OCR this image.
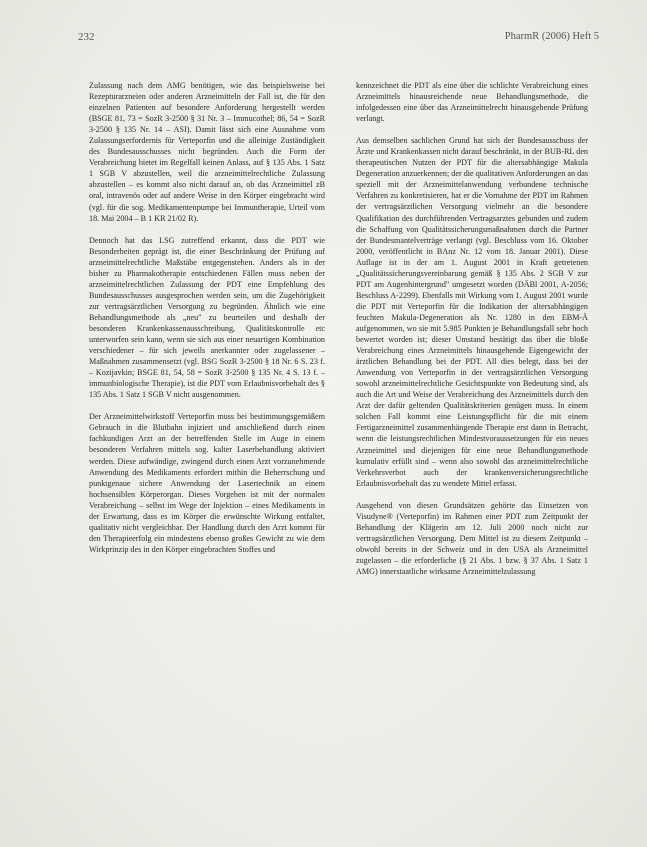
232	PharmR (2006) Heft 5

Zulassung nach dem AMG benötigen, wie das beispielsweise bei Rezepturarzneien oder anderen Arzneimitteln der Fall ist, die für den einzelnen Patienten auf besondere Anforderung hergestellt werden (BSGE 81, 73 = SozR 3-2500 § 31 Nr. 3 – Immucothel; 86, 54 = SozR 3-2500 § 135 Nr. 14 – ASI). Damit lässt sich eine Ausnahme vom Zulassungserfordernis für Verteporfin und die alleinige Zuständigkeit des Bundesausschusses nicht begründen. Auch die Form der Verabreichung bietet im Regelfall keinen Anlass, auf § 135 Abs. 1 Satz 1 SGB V abzustellen, weil die arzneimittelrechtliche Zulassung abzustellen – es kommt also nicht darauf an, ob das Arzneimittel zB oral, intravenös oder auf andere Weise in den Körper eingebracht wird (vgl. für die sog. Medikamentenpumpe bei Immuntherapie, Urteil vom 18. Mai 2004 – B 1 KR 21/02 R).

Dennoch hat das LSG zutreffend erkannt, dass die PDT wie Besonderheiten geprägt ist, die einer Beschränkung der Prüfung auf arzneimittelrechtliche Maßstäbe entgegenstehen. Anders als in der bisher zu Pharmakotherapie entschiedenen Fällen muss neben der arzneimittelrechtlichen Zulassung der PDT eine Empfehlung des Bundesausschusses ausgesprochen werden sein, um die Zugehörigkeit zur vertragsärztlichen Versorgung zu begründen. Ähnlich wie eine Behandlungsmethode als „neu" zu beurteilen und deshalb der besonderen Krankenkassenausschreibung, Qualitätskontrolle etc unterworfen sein kann, wenn sie sich aus einer neuartigen Kombination verschiedener – für sich jeweils anerkannter oder zugelassener – Maßnahmen zusammensetzt (vgl. BSG SozR 3-2500 § 18 Nr. 6 S. 23 f. – Kozijavkin; BSGE 81, 54, 58 = SozR 3-2500 § 135 Nr. 4 S. 13 f. – immunbiologische Therapie), ist die PDT vom Erlaubnisvorbehalt des § 135 Abs. 1 Satz 1 SGB V nicht ausgenommen.

Der Arzneimittelwirkstoff Verteporfin muss bei bestimmungsgemäßem Gebrauch in die Blutbahn injiziert und anschließend durch einen fachkundigen Arzt an der betreffenden Stelle im Auge in einem besonderen Verfahren mittels sog. kalter Laserbehandlung aktiviert werden. Diese aufwändige, zwingend durch einen Arzt vorzunehmende Anwendung des Medikaments erfordert mithin die Beherrschung und punktgenaue sichere Anwendung der Lasertechnik an einem hochsensiblen Körperorgan. Dieses Vorgehen ist mit der normalen Verabreichung – selbst im Wege der Injektion – eines Medikaments in der Erwartung, dass es im Körper die erwünschte Wirkung entfaltet, qualitativ nicht vergleichbar. Der Handlung durch den Arzt kommt für den Therapieerfolg ein mindestens ebenso großes Gewicht zu wie dem Wirkprinzip des in den Körper eingebrachten Stoffes und

kennzeichnet die PDT als eine über die schlichte Verabreichung eines Arzneimittels hinausreichende neue Behandlungsmethode, die infolgedessen eine über das Arzneimittelrecht hinausgehende Prüfung verlangt.

Aus demselben sachlichen Grund hat sich der Bundesausschuss der Ärzte und Krankenkassen nicht darauf beschränkt, in der BUB-RL den therapeutischen Nutzen der PDT für die altersabhängige Makula Degeneration anzuerkennen; der die qualitativen Anforderungen an das speziell mit der Arzneimittelanwendung verbundene technische Verfahren zu konkretisieren, hat er die Vornahme der PDT im Rahmen der vertragsärztlichen Versorgung vielmehr an die besondere Qualifikation des durchführenden Vertragsarztes gebunden und zudem die Schaffung von Qualitätssicherungsmaßnahmen durch die Partner der Bundesmantelverträge verlangt (vgl. Beschluss vom 16. Oktober 2000, veröffentlicht in BAnz Nr. 12 vom 18. Januar 2001). Diese Auflage ist in der am 1. August 2001 in Kraft getretenen „Qualitätssicherungsvereinbarung gemäß § 135 Abs. 2 SGB V zur PDT am Augenhintergrund" umgesetzt worden (DÄBl 2001, A-2056; Beschluss A-2299). Ebenfalls mit Wirkung vom 1. August 2001 wurde die PDT mit Verteporfin für die Indikation der altersabhängigen feuchten Makula-Degeneration als Nr. 1280 in den EBM-Ä aufgenommen, wo sie mit 5.985 Punkten je Behandlungsfall sehr hoch bewertet worden ist; dieser Umstand bestätigt das über die bloße Verabreichung eines Arzneimittels hinausgehende Eigengewicht der ärztlichen Behandlung bei der PDT. All dies belegt, dass bei der Anwendung von Verteporfin in der vertragsärztlichen Versorgung sowohl arzneimittelrechtliche Gesichtspunkte von Bedeutung sind, als auch die Art und Weise der Verabreichung des Arzneimittels durch den Arzt der dafür geltenden Qualitätskriterien genügen muss. In einem solchen Fall kommt eine Leistungspflicht für die mit einem Fertigarzneimittel zusammenhängende Therapie erst dann in Betracht, wenn die leistungsrechtlichen Mindestvoraussetzungen für ein neues Arzneimittel und diejenigen für eine neue Behandlungsmethode kumulativ erfüllt sind – wenn also sowohl das arzneimittelrechtliche Verkehrsverbot auch der krankenversicherungsrechtliche Erlaubnisvorbehalt das zu wendete Mittel erfasst.

Ausgehend von diesen Grundsätzen gehörte das Einsetzen von Visudyne® (Verteporfin) im Rahmen einer PDT zum Zeitpunkt der Behandlung der Klägerin am 12. Juli 2000 noch nicht zur vertragsärztlichen Versorgung. Dem Mittel ist zu diesem Zeitpunkt – obwohl bereits in der Schweiz und in den USA als Arzneimittel zugelassen – die erforderliche (§ 21 Abs. 1 bzw. § 37 Abs. 1 Satz 1 AMG) innerstaatliche wirksame Arzneimittelzulassung
